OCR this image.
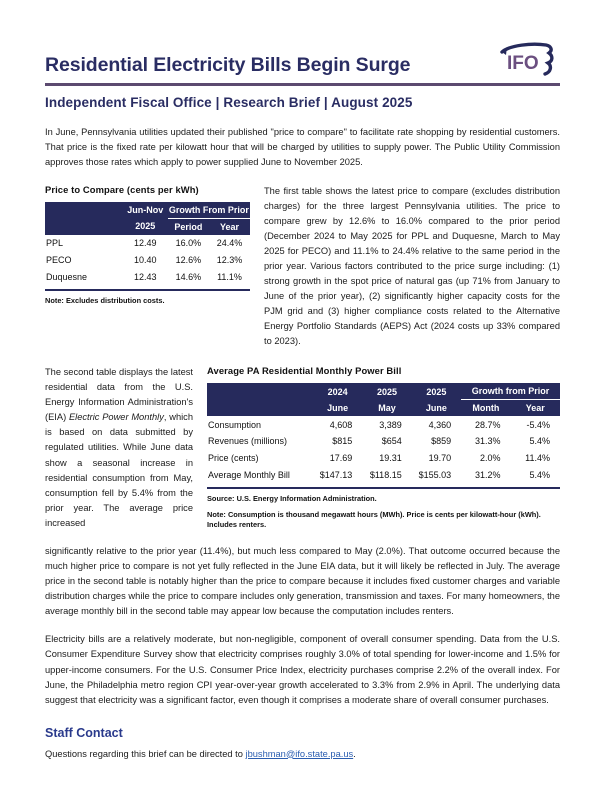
Residential Electricity Bills Begin Surge	IFO
Independent Fiscal Office | Research Brief | August 2025

In June, Pennsylvania utilities updated their published "price to compare" to facilitate rate shopping by residential customers. That price is the fixed rate per kilowatt hour that will be charged by utilities to supply power. The Public Utility Commission approves those rates which apply to power supplied June to November 2025.

Price to Compare (cents per kWh)
	Jun-Nov	Growth From Prior	
	2025	Period	Year
PPL	12.49	16.0%	24.4%
PECO	10.40	12.6%	12.3%
Duquesne	12.43	14.6%	11.1%
Note: Excludes distribution costs.

The first table shows the latest price to compare (excludes distribution charges) for the three largest Pennsylvania utilities. The price to compare grew by 12.6% to 16.0% compared to the prior period (December 2024 to May 2025 for PPL and Duquesne, March to May 2025 for PECO) and 11.1% to 24.4% relative to the same period in the prior year. Various factors contributed to the price surge including: (1) strong growth in the spot price of natural gas (up 71% from January to June of the prior year), (2) significantly higher capacity costs for the PJM grid and (3) higher compliance costs related to the Alternative Energy Portfolio Standards (AEPS) Act (2024 costs up 33% compared to 2023).

The second table displays the latest residential data from the U.S. Energy Information Administration's (EIA) Electric Power Monthly, which is based on data submitted by regulated utilities. While June data show a seasonal increase in residential consumption from May, consumption fell by 5.4% from the prior year. The average price increased

Average PA Residential Monthly Power Bill
	2024	2025	2025	Growth from Prior	
	June	May	June	Month	Year
Consumption	4,608	3,389	4,360	28.7%	-5.4%
Revenues (millions)	$815	$654	$859	31.3%	5.4%
Price (cents)	17.69	19.31	19.70	2.0%	11.4%
Average Monthly Bill	$147.13	$118.15	$155.03	31.2%	5.4%
Source: U.S. Energy Information Administration.
Note: Consumption is thousand megawatt hours (MWh). Price is cents per kilowatt-hour (kWh). Includes renters.

significantly relative to the prior year (11.4%), but much less compared to May (2.0%). That outcome occurred because the much higher price to compare is not yet fully reflected in the June EIA data, but it will likely be reflected in July. The average price in the second table is notably higher than the price to compare because it includes fixed customer charges and variable distribution charges while the price to compare includes only generation, transmission and taxes. For many homeowners, the average monthly bill in the second table may appear low because the computation includes renters.

Electricity bills are a relatively moderate, but non-negligible, component of overall consumer spending. Data from the U.S. Consumer Expenditure Survey show that electricity comprises roughly 3.0% of total spending for lower-income and 1.5% for upper-income consumers. For the U.S. Consumer Price Index, electricity purchases comprise 2.2% of the overall index. For June, the Philadelphia metro region CPI year-over-year growth accelerated to 3.3% from 2.9% in April. The underlying data suggest that electricity was a significant factor, even though it comprises a moderate share of overall consumer purchases.

Staff Contact

Questions regarding this brief can be directed to jbushman@ifo.state.pa.us.
